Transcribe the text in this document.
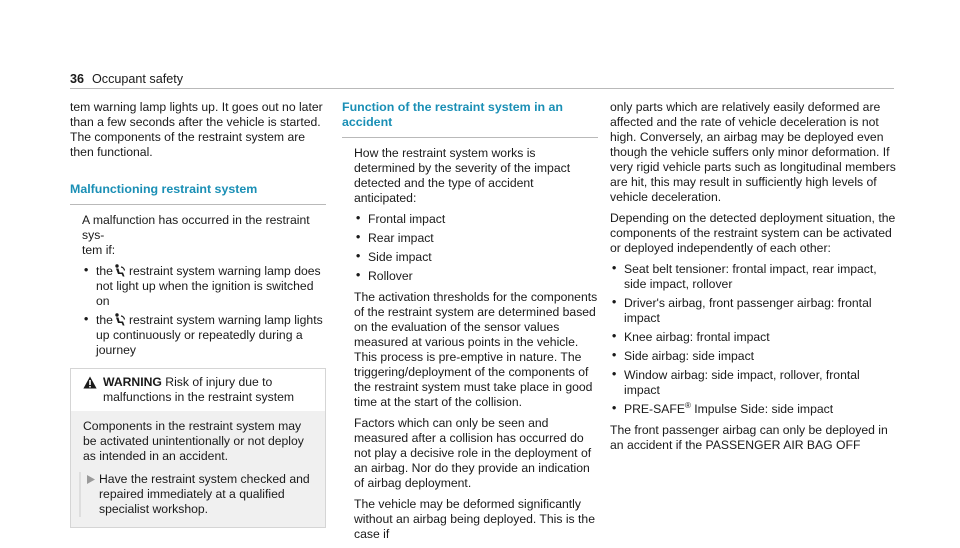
36 Occupant safety

tem warning lamp lights up. It goes out no later than a few seconds after the vehicle is started. The components of the restraint system are then functional.

Malfunctioning restraint system

A malfunction has occurred in the restraint sys-
tem if:

• the restraint system warning lamp does not light up when the ignition is switched on
• the restraint system warning lamp lights up continuously or repeatedly during a journey
WARNING Risk of injury due to malfunctions in the restraint system

Components in the restraint system may be activated unintentionally or not deploy as intended in an accident.

Have the restraint system checked and repaired immediately at a qualified specialist workshop.
Function of the restraint system in an accident

How the restraint system works is determined by the severity of the impact detected and the type of accident anticipated:

• Frontal impact
• Rear impact
• Side impact
• Rollover

The activation thresholds for the components of the restraint system are determined based on the evaluation of the sensor values measured at various points in the vehicle. This process is pre-emptive in nature. The triggering/deployment of the components of the restraint system must take place in good time at the start of the collision.

Factors which can only be seen and measured after a collision has occurred do not play a decisive role in the deployment of an airbag. Nor do they provide an indication of airbag deployment.

The vehicle may be deformed significantly without an airbag being deployed. This is the case if

only parts which are relatively easily deformed are affected and the rate of vehicle deceleration is not high. Conversely, an airbag may be deployed even though the vehicle suffers only minor deformation. If very rigid vehicle parts such as longitudinal members are hit, this may result in sufficiently high levels of vehicle deceleration.

Depending on the detected deployment situation, the components of the restraint system can be activated or deployed independently of each other:

• Seat belt tensioner: frontal impact, rear impact, side impact, rollover
• Driver's airbag, front passenger airbag: frontal impact
• Knee airbag: frontal impact
• Side airbag: side impact
• Window airbag: side impact, rollover, frontal impact
• PRE-SAFE® Impulse Side: side impact

The front passenger airbag can only be deployed in an accident if the PASSENGER AIR BAG OFF
